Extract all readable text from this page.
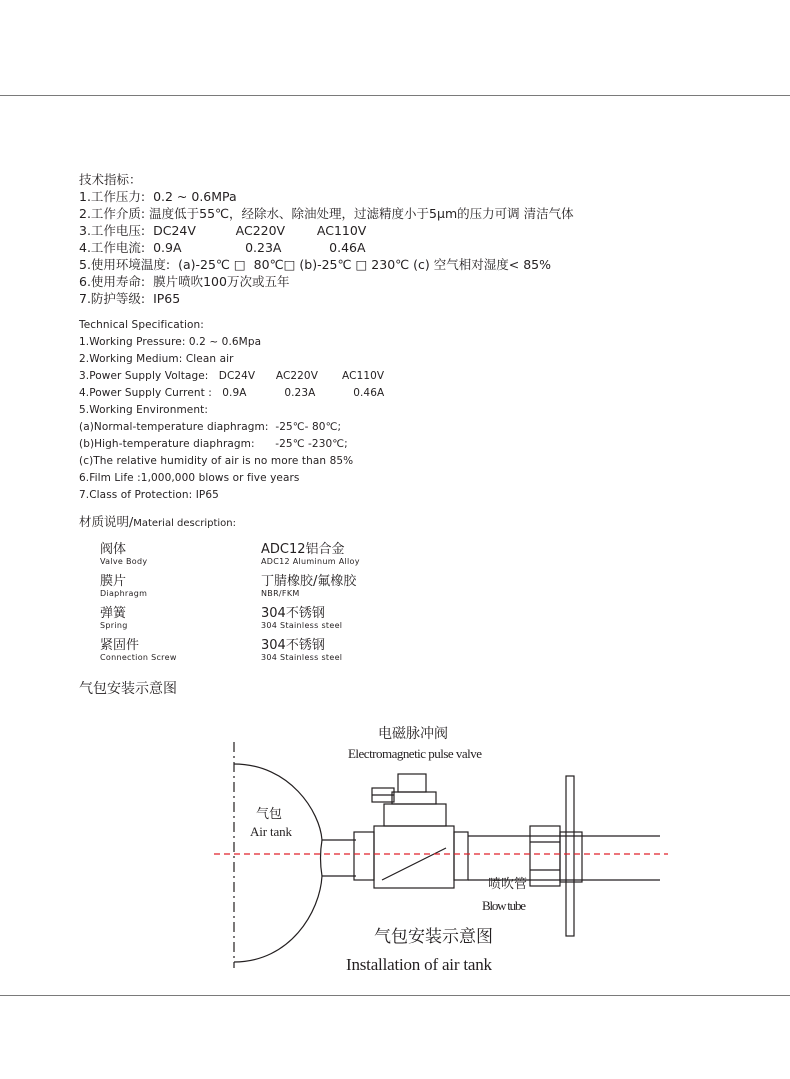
技术指标：
1.工作压力:  0.2 ~ 0.6MPa
2.工作介质: 温度低于55℃，经除水、除油处理，过滤精度小于5μm的压力可调 清洁气体
3.工作电压:  DC24V          AC220V        AC110V
4.工作电流:  0.9A                0.23A            0.46A
5.使用环境温度:  (a)-25℃ □  80℃□ (b)-25℃ □ 230℃ (c) 空气相对湿度< 85%
6.使用寿命:  膜片喷吹100万次或五年
7.防护等级:  IP65
Technical Specification:
1.Working Pressure: 0.2 ~ 0.6Mpa
2.Working Medium: Clean air
3.Power Supply Voltage:   DC24V      AC220V       AC110V
4.Power Supply Current :   0.9A           0.23A           0.46A
5.Working Environment:
(a)Normal-temperature diaphragm:  -25℃- 80℃;
(b)High-temperature diaphragm:      -25℃ -230℃;
(c)The relative humidity of air is no more than 85%
6.Film Life :1,000,000 blows or five years
7.Class of Protection: IP65
材质说明/Material description:
阀体
Valve Body
ADC12铝合金
ADC12 Aluminum Alloy
膜片
Diaphragm
丁腈橡胶/氟橡胶
NBR/FKM
弹簧
Spring
304不锈钢
304 Stainless steel
紧固件
Connection Screw
304不锈钢
304 Stainless steel
气包安装示意图
电磁脉冲阀
Electromagnetic pulse valve
气包
Air tank
喷吹管
Blow tube
气包安装示意图
Installation of air tank
